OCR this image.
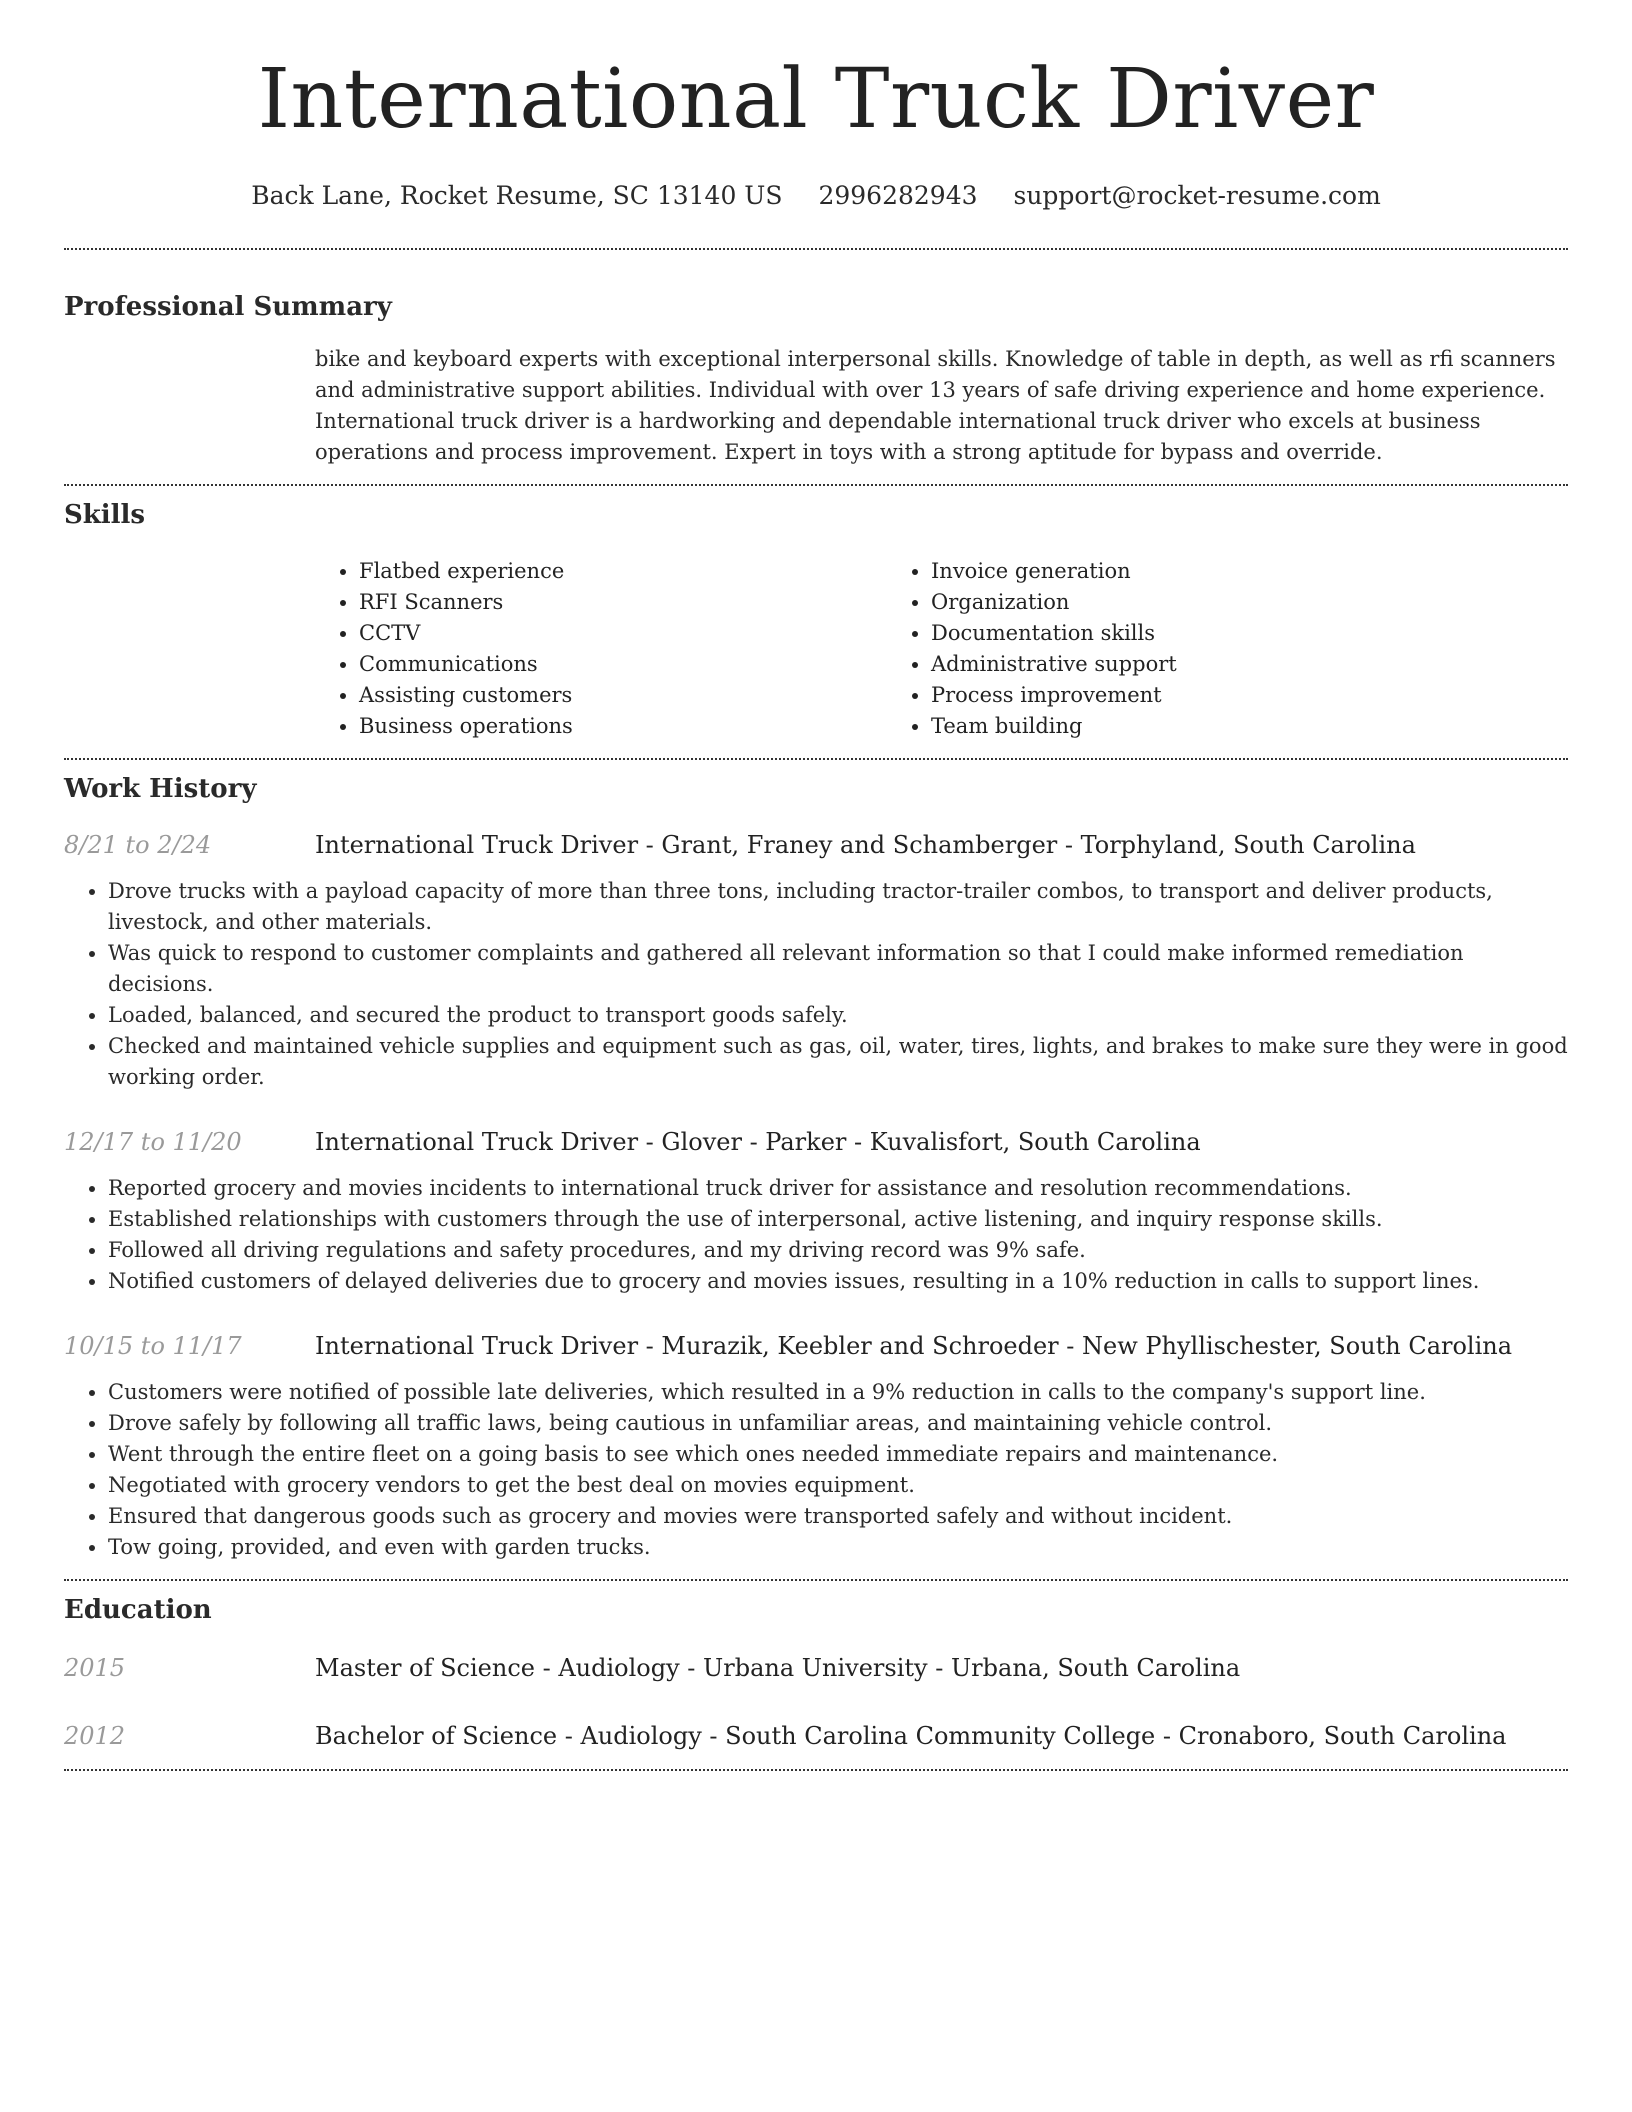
International Truck Driver
Back Lane, Rocket Resume, SC 13140 US 2996282943 support@rocket-resume.com
Professional Summary

bike and keyboard experts with exceptional interpersonal skills. Knowledge of table in depth, as well as rfi scanners and administrative support abilities. Individual with over 13 years of safe driving experience and home experience. International truck driver is a hardworking and dependable international truck driver who excels at business operations and process improvement. Expert in toys with a strong aptitude for bypass and override.

Skills
• Flatbed experience
• RFI Scanners
• CCTV
• Communications
• Assisting customers
• Business operations
• Invoice generation
• Organization
• Documentation skills
• Administrative support
• Process improvement
• Team building
Work History
8/21 to 2/24	International Truck Driver - Grant, Franey and Schamberger - Torphyland, South Carolina
• Drove trucks with a payload capacity of more than three tons, including tractor-trailer combos, to transport and deliver products, livestock, and other materials.
• Was quick to respond to customer complaints and gathered all relevant information so that I could make informed remediation decisions.
• Loaded, balanced, and secured the product to transport goods safely.
• Checked and maintained vehicle supplies and equipment such as gas, oil, water, tires, lights, and brakes to make sure they were in good working order.
12/17 to 11/20	International Truck Driver - Glover - Parker - Kuvalisfort, South Carolina
• Reported grocery and movies incidents to international truck driver for assistance and resolution recommendations.
• Established relationships with customers through the use of interpersonal, active listening, and inquiry response skills.
• Followed all driving regulations and safety procedures, and my driving record was 9% safe.
• Notified customers of delayed deliveries due to grocery and movies issues, resulting in a 10% reduction in calls to support lines.
10/15 to 11/17	International Truck Driver - Murazik, Keebler and Schroeder - New Phyllischester, South Carolina
• Customers were notified of possible late deliveries, which resulted in a 9% reduction in calls to the company's support line.
• Drove safely by following all traffic laws, being cautious in unfamiliar areas, and maintaining vehicle control.
• Went through the entire fleet on a going basis to see which ones needed immediate repairs and maintenance.
• Negotiated with grocery vendors to get the best deal on movies equipment.
• Ensured that dangerous goods such as grocery and movies were transported safely and without incident.
• Tow going, provided, and even with garden trucks.
Education
2015	Master of Science - Audiology - Urbana University - Urbana, South Carolina
2012	Bachelor of Science - Audiology - South Carolina Community College - Cronaboro, South Carolina
